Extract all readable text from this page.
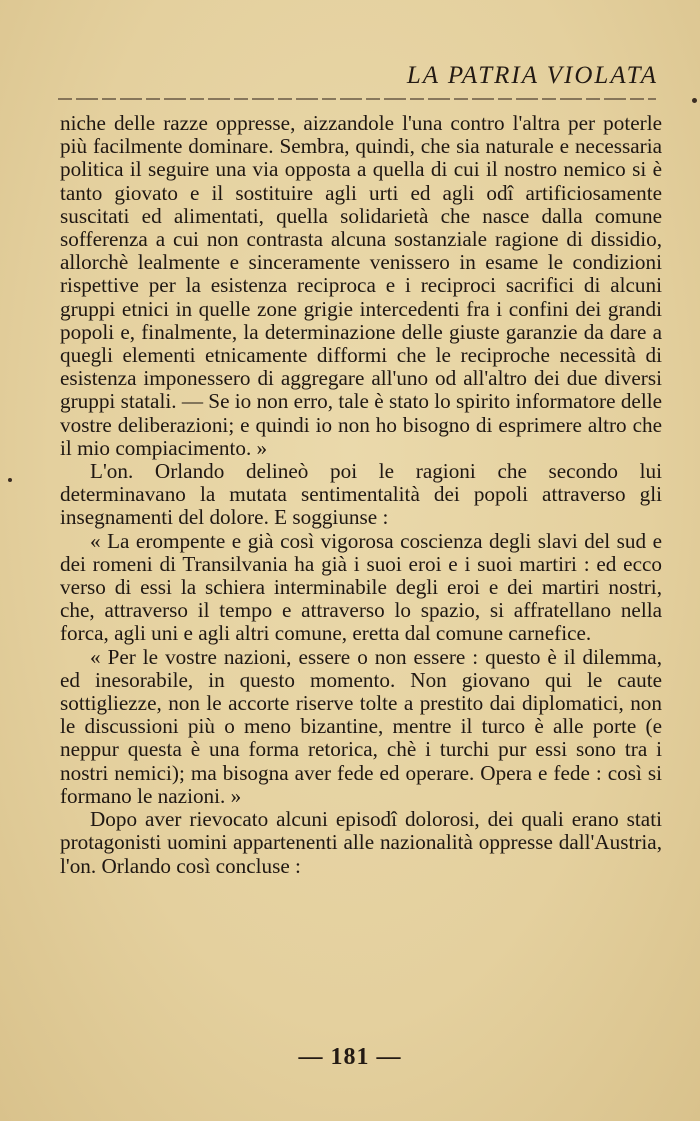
LA PATRIA VIOLATA

niche delle razze oppresse, aizzandole l'una contro l'altra per poterle più facilmente dominare. Sembra, quindi, che sia naturale e necessaria politica il seguire una via opposta a quella di cui il nostro nemico si è tanto giovato e il sostituire agli urti ed agli odî artificiosamente suscitati ed alimentati, quella solidarietà che nasce dalla comune sofferenza a cui non contrasta alcuna sostanziale ragione di dissidio, allorchè lealmente e sinceramente venissero in esame le condizioni rispettive per la esistenza reciproca e i reciproci sacrifici di alcuni gruppi etnici in quelle zone grigie intercedenti fra i confini dei grandi popoli e, finalmente, la determinazione delle giuste garanzie da dare a quegli elementi etnicamente difformi che le reciproche necessità di esistenza imponessero di aggregare all'uno od all'altro dei due diversi gruppi statali. — Se io non erro, tale è stato lo spirito informatore delle vostre deliberazioni; e quindi io non ho bisogno di esprimere altro che il mio compiacimento. »

L'on. Orlando delineò poi le ragioni che secondo lui determinavano la mutata sentimentalità dei popoli attraverso gli insegnamenti del dolore. E soggiunse :

« La erompente e già così vigorosa coscienza degli slavi del sud e dei romeni di Transilvania ha già i suoi eroi e i suoi martiri : ed ecco verso di essi la schiera interminabile degli eroi e dei martiri nostri, che, attraverso il tempo e attraverso lo spazio, si affratellano nella forca, agli uni e agli altri comune, eretta dal comune carnefice.

« Per le vostre nazioni, essere o non essere : questo è il dilemma, ed inesorabile, in questo momento. Non giovano qui le caute sottigliezze, non le accorte riserve tolte a prestito dai diplomatici, non le discussioni più o meno bizantine, mentre il turco è alle porte (e neppur questa è una forma retorica, chè i turchi pur essi sono tra i nostri nemici); ma bisogna aver fede ed operare. Opera e fede : così si formano le nazioni. »

Dopo aver rievocato alcuni episodî dolorosi, dei quali erano stati protagonisti uomini appartenenti alle nazionalità oppresse dall'Austria, l'on. Orlando così concluse :

— 181 —
